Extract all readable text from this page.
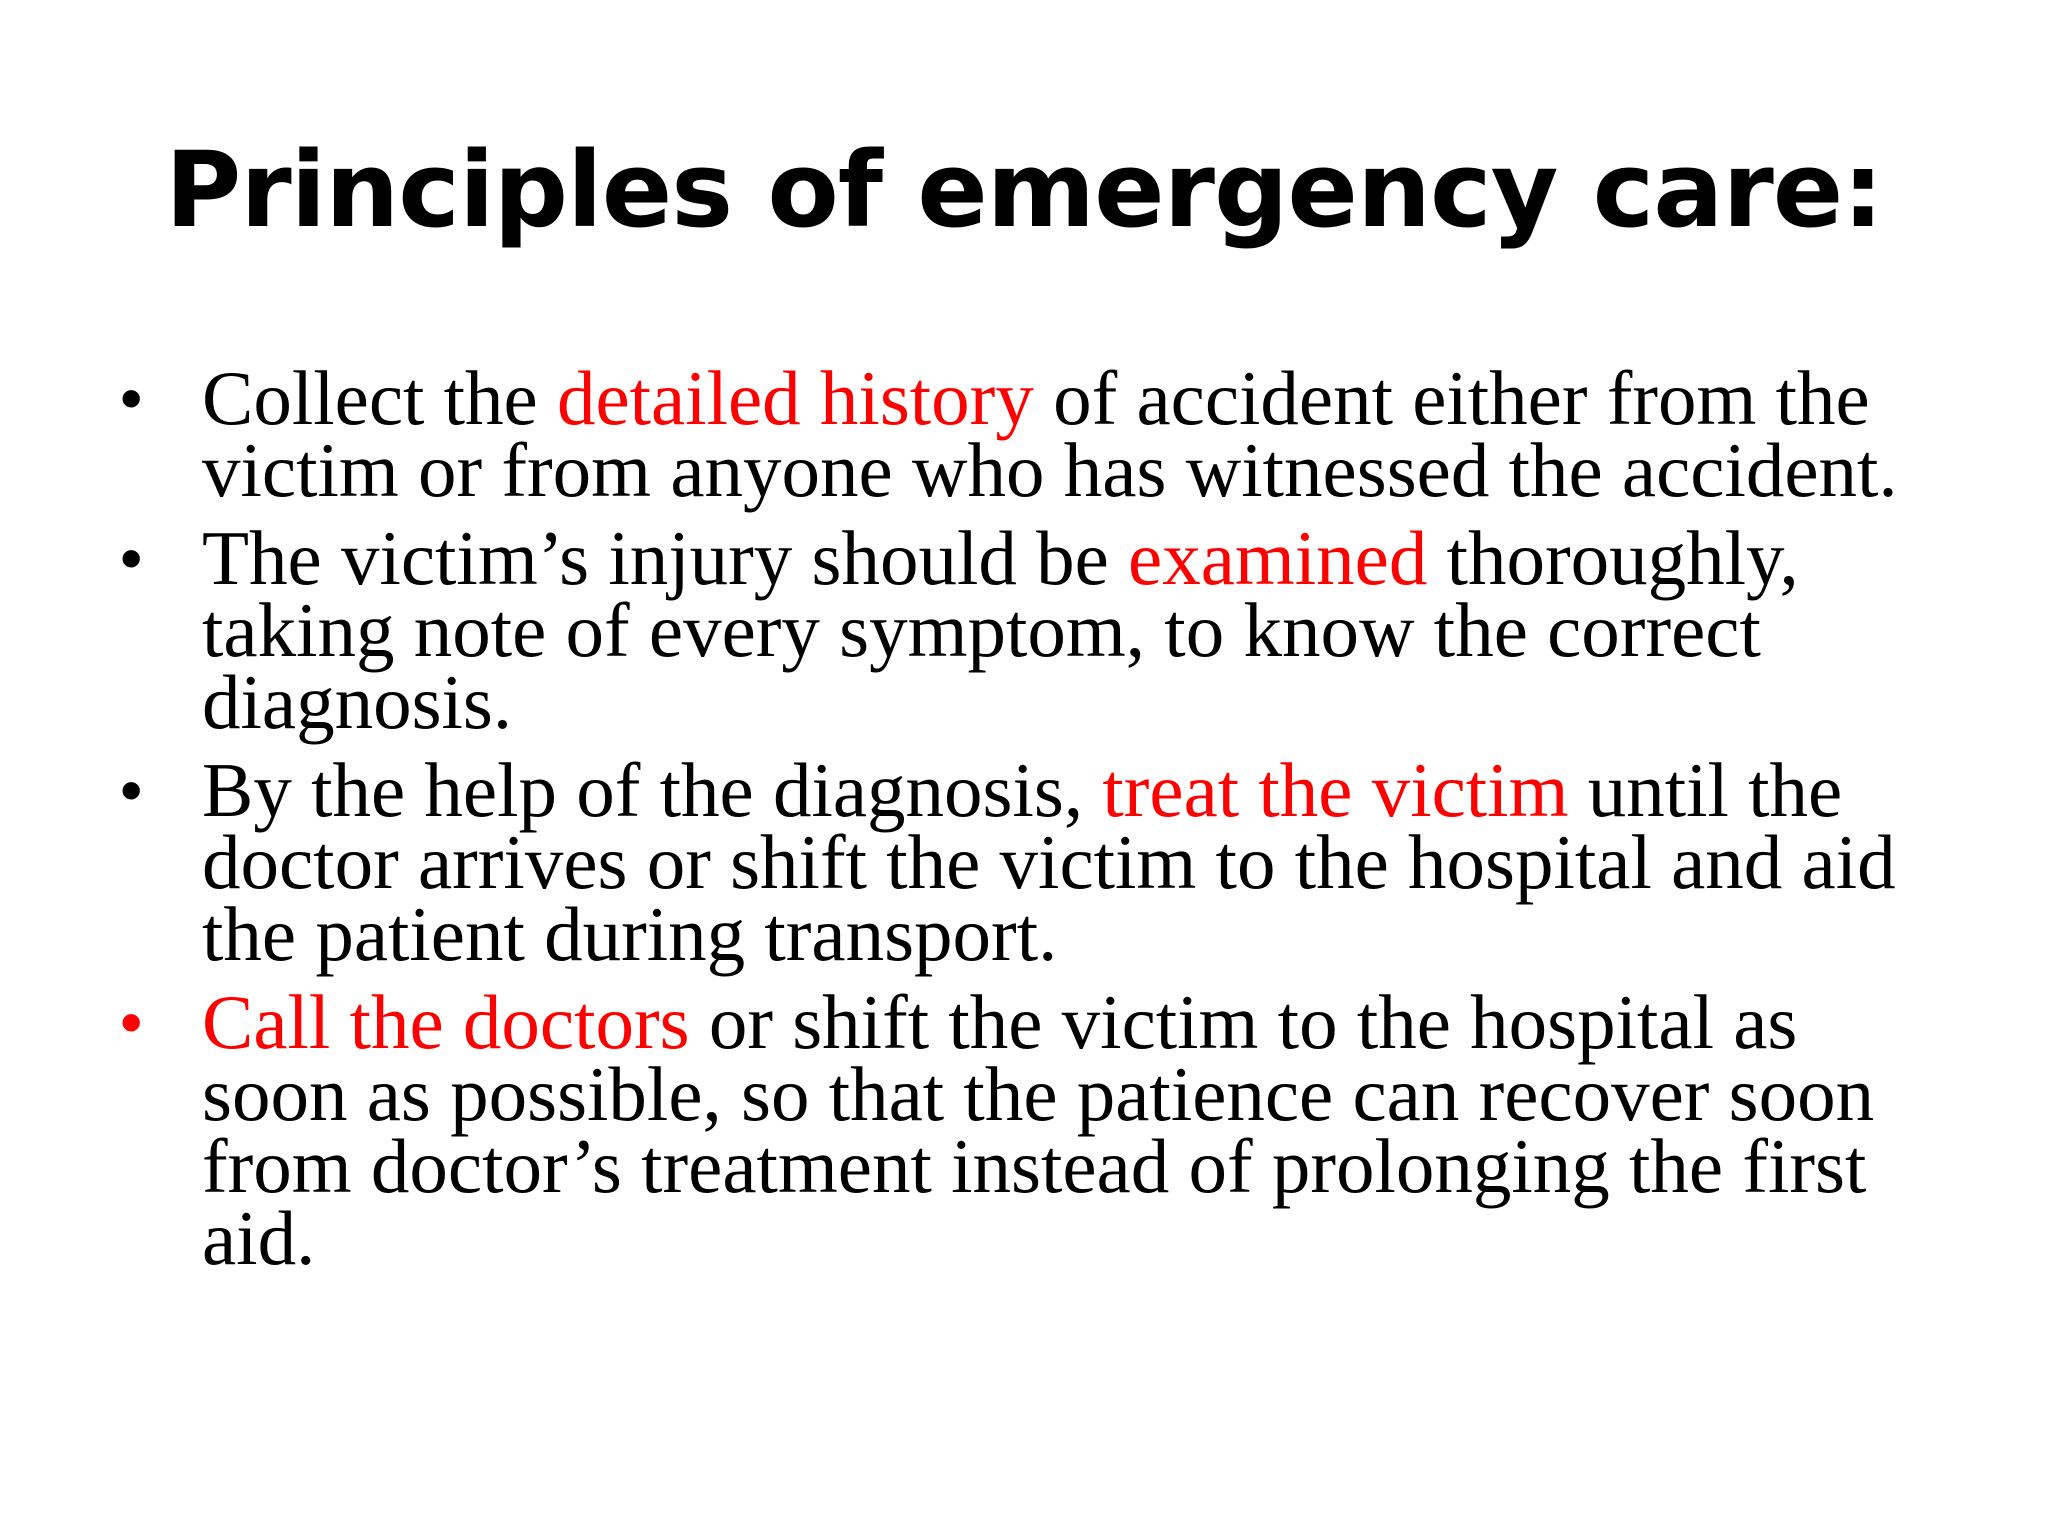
Principles of emergency care:
• Collect the detailed history of accident either from the victim or from anyone who has witnessed the accident.
• The victim’s injury should be examined thoroughly, taking note of every symptom, to know the correct diagnosis.
• By the help of the diagnosis, treat the victim until the doctor arrives or shift the victim to the hospital and aid the patient during transport.
• Call the doctors or shift the victim to the hospital as soon as possible, so that the patience can recover soon from doctor’s treatment instead of prolonging the first aid.
